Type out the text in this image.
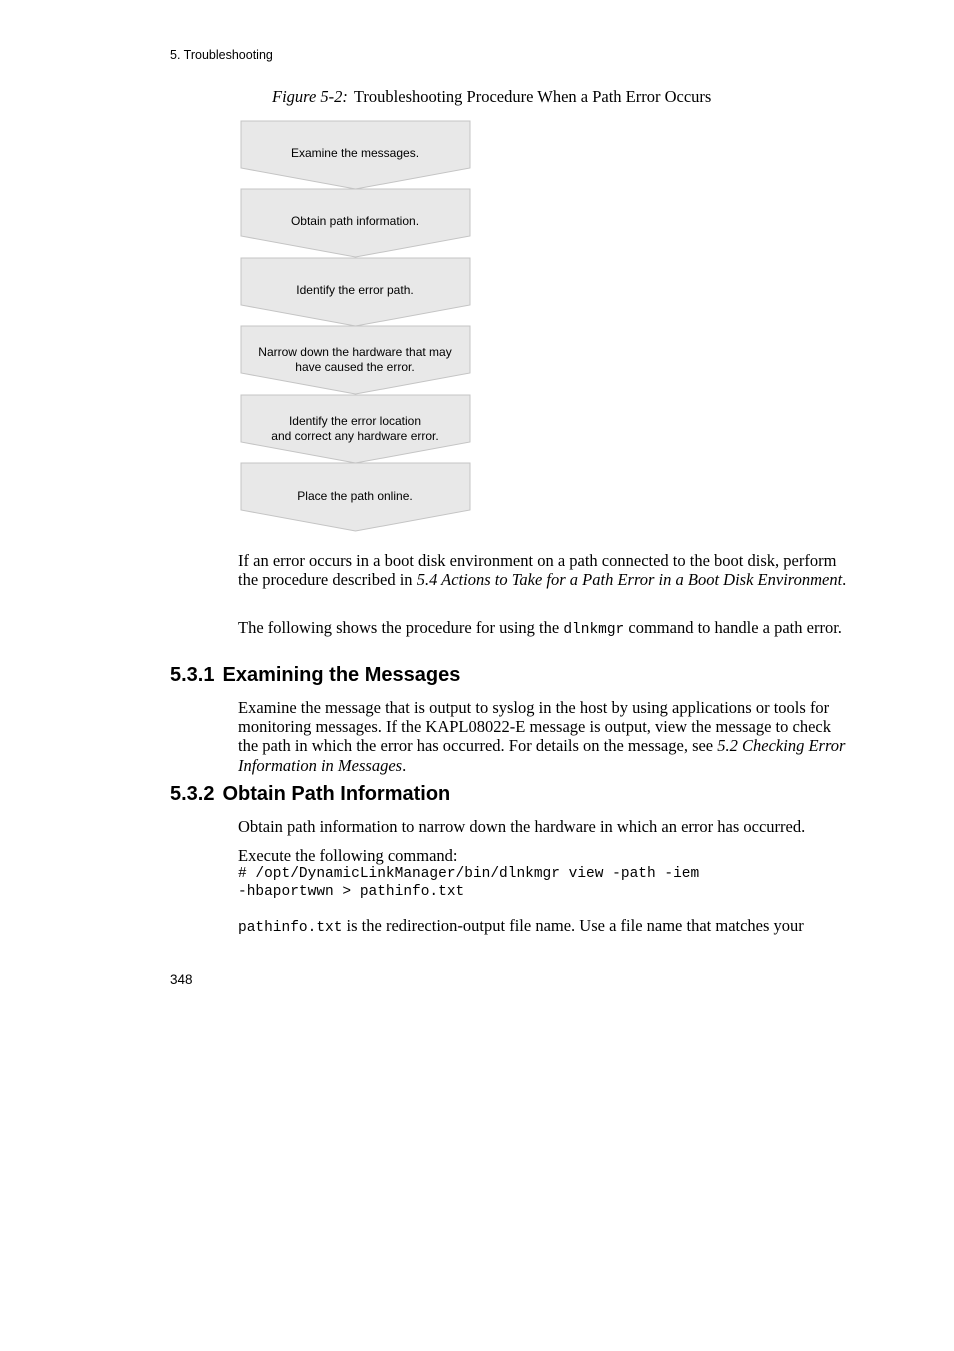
5. Troubleshooting
Figure 5-2: Troubleshooting Procedure When a Path Error Occurs
Examine the messages.
Obtain path information.
Identify the error path.
Narrow down the hardware that may
have caused the error.
Identify the error location
and correct any hardware error.
Place the path online.
If an error occurs in a boot disk environment on a path connected to the boot disk, perform the procedure described in 5.4 Actions to Take for a Path Error in a Boot Disk Environment.
The following shows the procedure for using the dlnkmgr command to handle a path error.
5.3.1 Examining the Messages
Examine the message that is output to syslog in the host by using applications or tools for monitoring messages. If the KAPL08022-E message is output, view the message to check the path in which the error has occurred. For details on the message, see 5.2 Checking Error Information in Messages.
5.3.2 Obtain Path Information
Obtain path information to narrow down the hardware in which an error has occurred.
Execute the following command:
# /opt/DynamicLinkManager/bin/dlnkmgr view -path -iem
-hbaportwwn > pathinfo.txt
pathinfo.txt is the redirection-output file name. Use a file name that matches your
348
